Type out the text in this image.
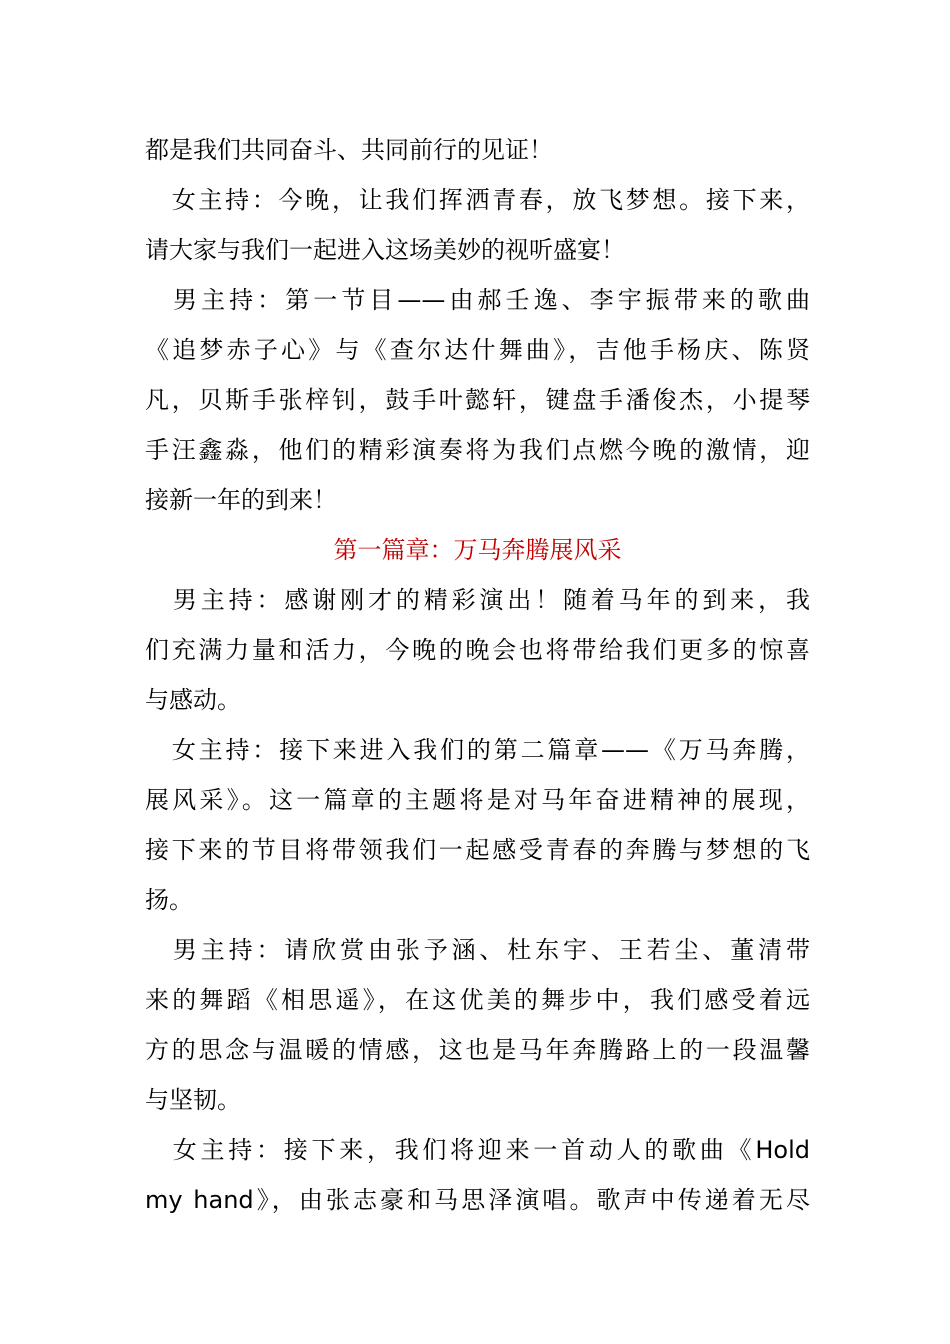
都是我们共同奋斗、共同前行的见证！
　女主持：今晚，让我们挥洒青春，放飞梦想。接下来，
请大家与我们一起进入这场美妙的视听盛宴！
　男主持：第一节目——由郝壬逸、李宇振带来的歌曲
《追梦赤子心》与《查尔达什舞曲》，吉他手杨庆、陈贤
凡，贝斯手张梓钊，鼓手叶懿轩，键盘手潘俊杰，小提琴
手汪鑫淼，他们的精彩演奏将为我们点燃今晚的激情，迎
接新一年的到来！
第一篇章：万马奔腾展风采
　男主持：感谢刚才的精彩演出！随着马年的到来，我
们充满力量和活力，今晚的晚会也将带给我们更多的惊喜
与感动。
　女主持：接下来进入我们的第二篇章——《万马奔腾，
展风采》。这一篇章的主题将是对马年奋进精神的展现，
接下来的节目将带领我们一起感受青春的奔腾与梦想的飞
扬。
　男主持：请欣赏由张予涵、杜东宇、王若尘、董清带
来的舞蹈《相思遥》，在这优美的舞步中，我们感受着远
方的思念与温暖的情感，这也是马年奔腾路上的一段温馨
与坚韧。
　女主持：接下来，我们将迎来一首动人的歌曲《Hold
my hand》，由张志豪和马思泽演唱。歌声中传递着无尽
